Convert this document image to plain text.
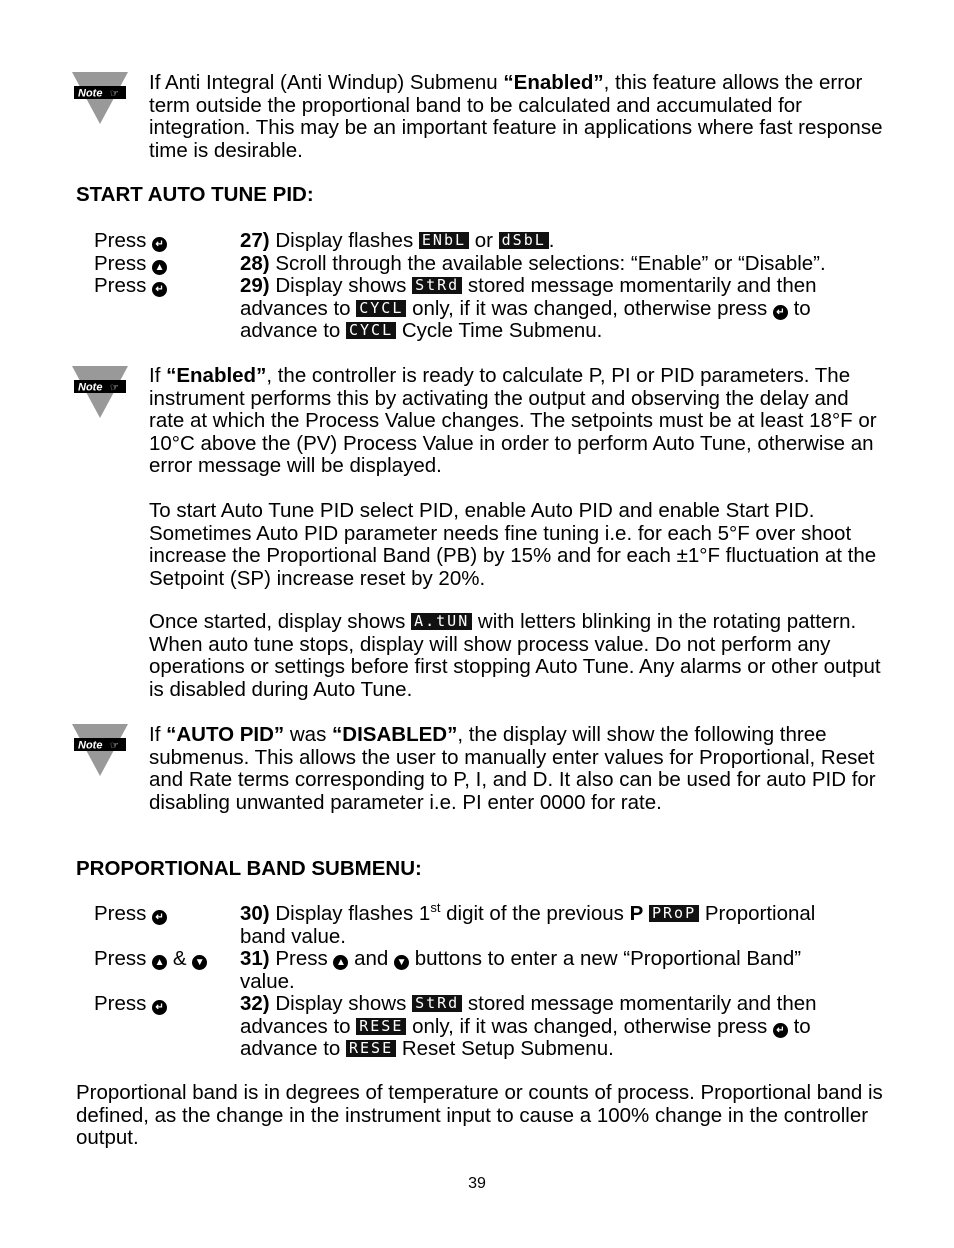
Note ☞ If Anti Integral (Anti Windup) Submenu “Enabled”, this feature allows the error term outside the proportional band to be calculated and accumulated for integration. This may be an important feature in applications where fast response time is desirable.
START AUTO TUNE PID:
Press ↵	27) Display flashes ENbL or dSbL .
Press ▲	28) Scroll through the available selections: “Enable” or “Disable”.
Press ↵	29) Display shows StRd stored message momentarily and then
advances to CYCL only, if it was changed, otherwise press ↵ to
advance to CYCL Cycle Time Submenu.
Note ☞
If “Enabled”, the controller is ready to calculate P, PI or PID parameters. The instrument performs this by activating the output and observing the delay and rate at which the Process Value changes. The setpoints must be at least 18°F or 10°C above the (PV) Process Value in order to perform Auto Tune, otherwise an error message will be displayed.
To start Auto Tune PID select PID, enable Auto PID and enable Start PID. Sometimes Auto PID parameter needs fine tuning i.e. for each 5°F over shoot increase the Proportional Band (PB) by 15% and for each ±1°F fluctuation at the Setpoint (SP) increase reset by 20%.
Once started, display shows A.tUN with letters blinking in the rotating pattern. When auto tune stops, display will show process value. Do not perform any operations or settings before first stopping Auto Tune. Any alarms or other output is disabled during Auto Tune.
Note ☞ If “AUTO PID” was “DISABLED”, the display will show the following three submenus. This allows the user to manually enter values for Proportional, Reset and Rate terms corresponding to P, I, and D. It also can be used for auto PID for disabling unwanted parameter i.e. PI enter 0000 for rate.
PROPORTIONAL BAND SUBMENU:
Press ↵	30) Display flashes 1st digit of the previous P PRoP Proportional
band value.
Press ▲ & ▼ 31) Press ▲ and ▼ buttons to enter a new “Proportional Band”
value.
Press ↵	32) Display shows StRd stored message momentarily and then
advances to RESE only, if it was changed, otherwise press ↵ to
advance to RESE Reset Setup Submenu.
Proportional band is in degrees of temperature or counts of process. Proportional band is defined, as the change in the instrument input to cause a 100% change in the controller output.
39
